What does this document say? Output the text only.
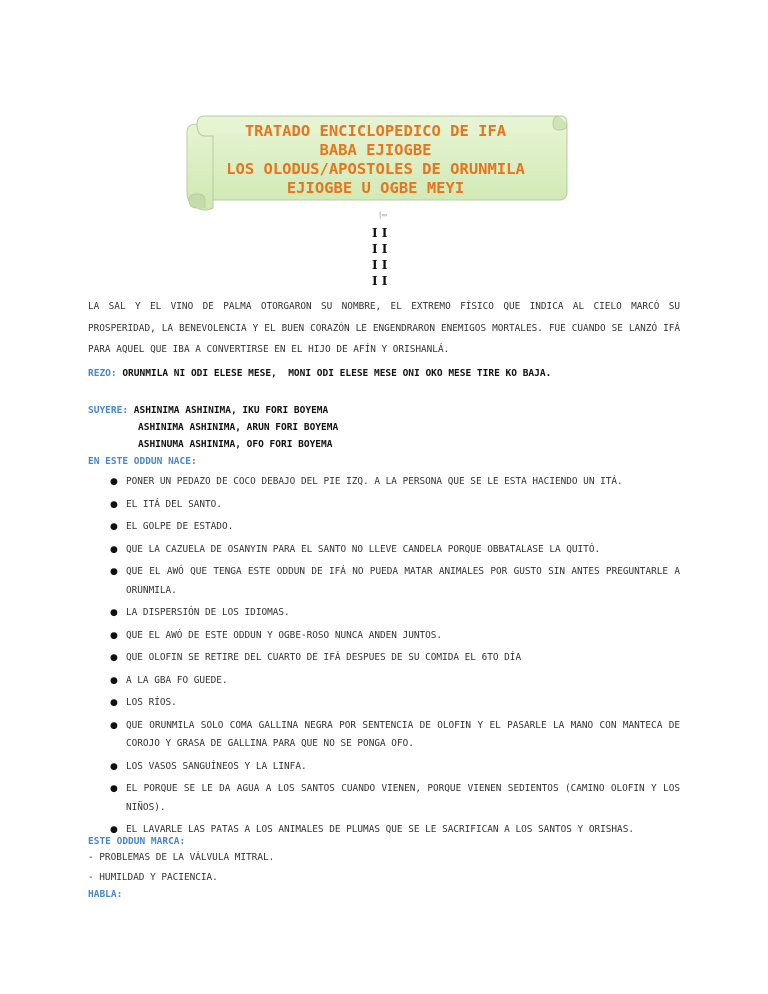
TRATADO ENCICLOPEDICO DE IFA
BABA EJIOGBE
LOS OLODUS/APOSTOLES DE ORUNMILA
EJIOGBE U OGBE MEYI
|▭
I I
I I
I I
I I
LA SAL Y EL VINO DE PALMA OTORGARON SU NOMBRE, EL EXTREMO FÍSICO QUE INDICA AL CIELO MARCÓ SU PROSPERIDAD, LA BENEVOLENCIA Y EL BUEN CORAZÓN LE ENGENDRARON ENEMIGOS MORTALES. FUE CUANDO SE LANZÓ IFÁ PARA AQUEL QUE IBA A CONVERTIRSE EN EL HIJO DE AFÍN Y ORISHANLÁ.
REZO: ORUNMILA NI ODI ELESE MESE,  MONI ODI ELESE MESE ONI OKO MESE TIRE KO BAJA.
SUYERE: ASHINIMA ASHINIMA, IKU FORI BOYEMA
ASHINIMA ASHINIMA, ARUN FORI BOYEMA
ASHINUMA ASHINIMA, OFO FORI BOYEMA
EN ESTE ODDUN NACE:
● PONER UN PEDAZO DE COCO DEBAJO DEL PIE IZQ. A LA PERSONA QUE SE LE ESTA HACIENDO UN ITÁ.
● EL ITÁ DEL SANTO.
● EL GOLPE DE ESTADO.
● QUE LA CAZUELA DE OSANYIN PARA EL SANTO NO LLEVE CANDELA PORQUE OBBATALASE LA QUITÓ.
● QUE EL AWÓ QUE TENGA ESTE ODDUN DE IFÁ NO PUEDA MATAR ANIMALES POR GUSTO SIN ANTES PREGUNTARLE A ORUNMILA.
● LA DISPERSIÓN DE LOS IDIOMAS.
● QUE EL AWÓ DE ESTE ODDUN Y OGBE-ROSO NUNCA ANDEN JUNTOS.
● QUE OLOFIN SE RETIRE DEL CUARTO DE IFÁ DESPUES DE SU COMIDA EL 6TO DÍA
● A LA GBA FO GUEDE.
● LOS RÍOS.
● QUE ORUNMILA SOLO COMA GALLINA NEGRA POR SENTENCIA DE OLOFIN Y EL PASARLE LA MANO CON MANTECA DE COROJO Y GRASA DE GALLINA PARA QUE NO SE PONGA OFO.
● LOS VASOS SANGUÍNEOS Y LA LINFA.
● EL PORQUE SE LE DA AGUA A LOS SANTOS CUANDO VIENEN, PORQUE VIENEN SEDIENTOS (CAMINO OLOFIN Y LOS NIÑOS).
● EL LAVARLE LAS PATAS A LOS ANIMALES DE PLUMAS QUE SE LE SACRIFICAN A LOS SANTOS Y ORISHAS.
ESTE ODDUN MARCA:
- PROBLEMAS DE LA VÁLVULA MITRAL.
- HUMILDAD Y PACIENCIA.
HABLA:
